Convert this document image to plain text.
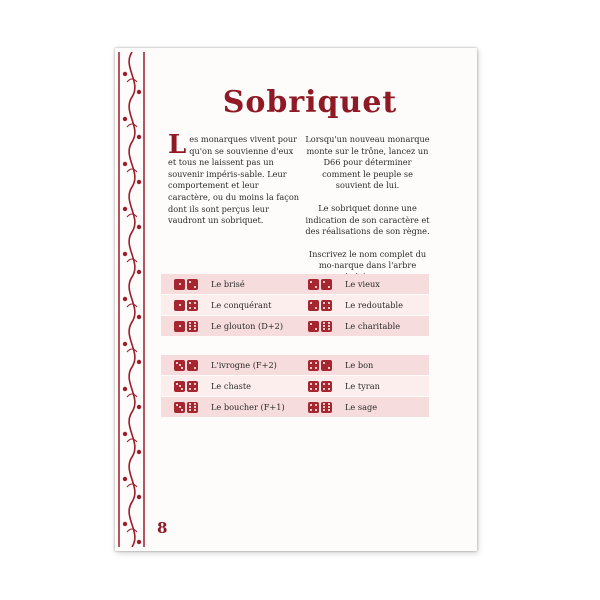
Sobriquet
Les monarques vivent pour qu'on se souvienne d'eux et tous ne laissent pas un souvenir impéris-sable. Leur comportement et leur caractère, ou du moins la façon dont ils sont perçus leur vaudront un sobriquet.

Lorsqu'un nouveau monarque monte sur le trône, lancez un D66 pour déterminer comment le peuple se souvient de lui.

Le sobriquet donne une indication de son caractère et des réalisations de son règne.

Inscrivez le nom complet du mo-narque dans l'arbre

Le brisé	Le vieux
Le conquérant	Le redoutable
Le glouton (D+2)	Le charitable
L'ivrogne (F+2)	Le bon
Le chaste	Le tyran
Le boucher (F+1)	Le sage
8
